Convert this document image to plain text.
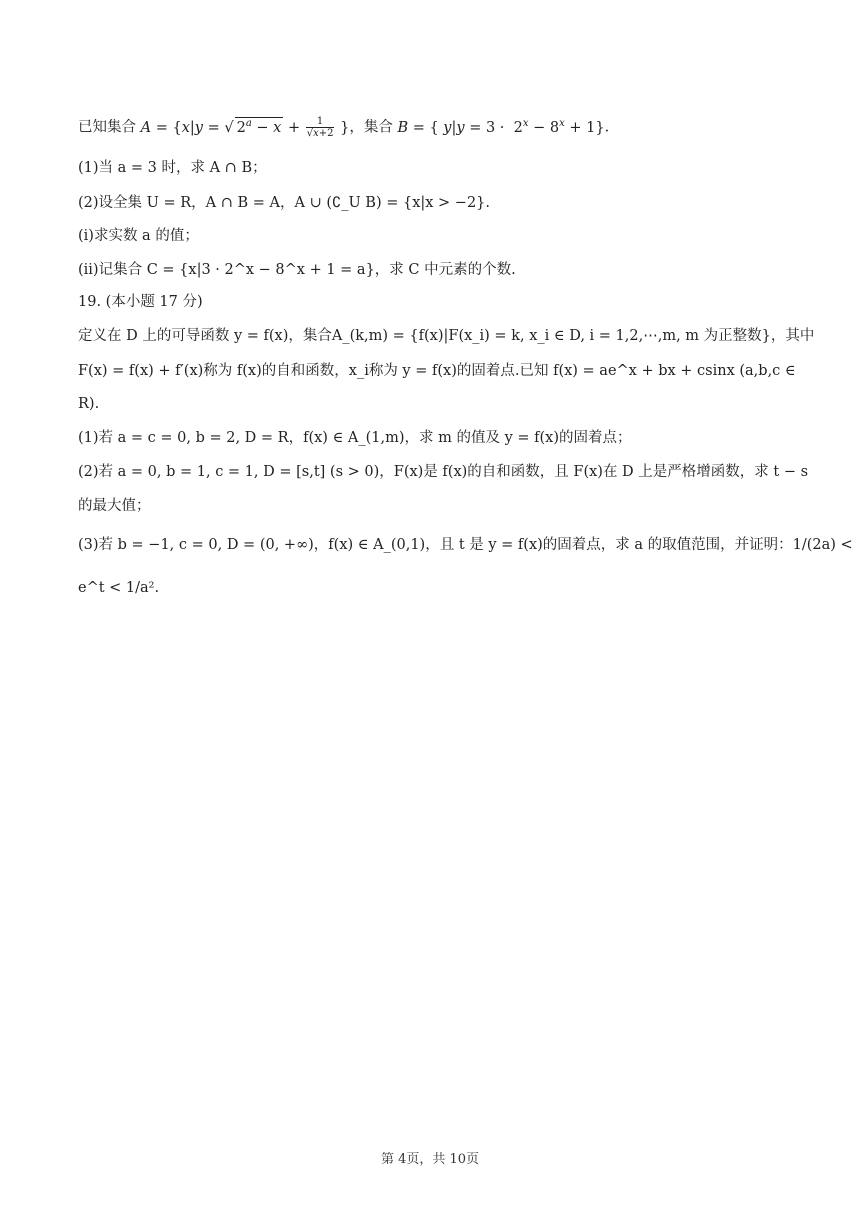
已知集合 A = {x|y = √ $2^a - x + \frac{1}{√x+2}$ }，集合 B = { $y|y = 3 \cdot 2^x - 8^x + 1$}.
(1)当 a = 3 时，求 A ∩ B；
(2)设全集 U = R，A ∩ B = A，A ∪ (∁_U B) = {x|x > −2}.
(i)求实数 a 的值；
(ii)记集合 C = {x|3 · 2^x − 8^x + 1 = a}，求 C 中元素的个数.
19. (本小题 17 分)
定义在 D 上的可导函数 y = f(x)，集合A_(k,m) = {f(x)|F(x_i) = k, x_i ∈ D, i = 1,2,⋯,m, m 为正整数}，其中
F(x) = f(x) + f′(x)称为 f(x)的自和函数，x_i称为 y = f(x)的固着点.已知 f(x) = ae^x + bx + csinx (a,b,c ∈
R).
(1)若 a = c = 0, b = 2, D = R，f(x) ∈ A_(1,m)，求 m 的值及 y = f(x)的固着点；
(2)若 a = 0, b = 1, c = 1, D = [s,t] (s > 0)，F(x)是 f(x)的自和函数，且 F(x)在 D 上是严格增函数，求 t − s
的最大值；
(3)若 b = −1, c = 0, D = (0, +∞)，f(x) ∈ A_(0,1)，且 t 是 y = f(x)的固着点，求 a 的取值范围，并证明：1/(2a) <
e^t < 1/a².
第 4页，共 10页
